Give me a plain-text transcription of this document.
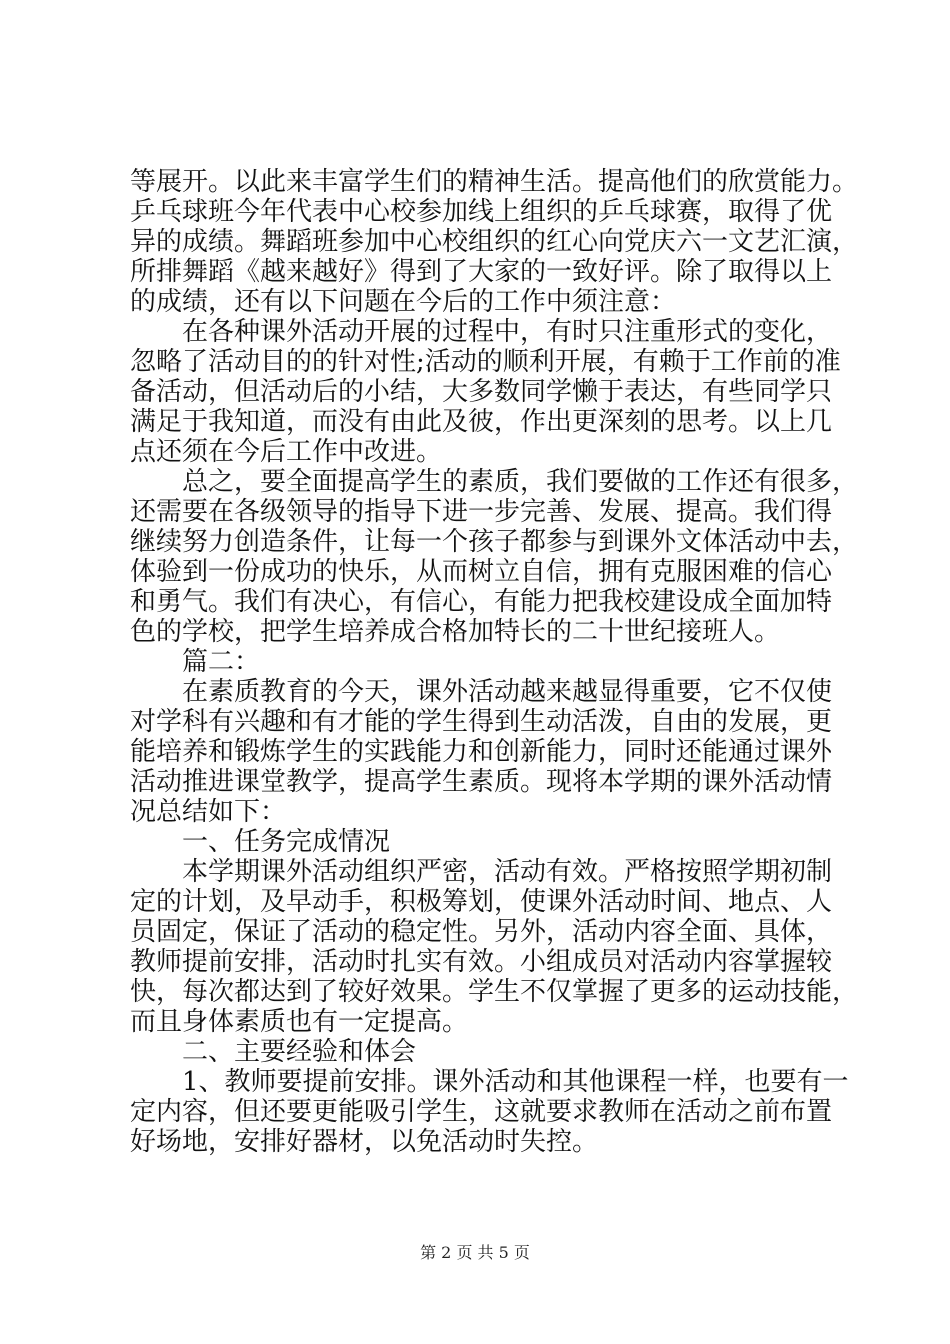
等展开。以此来丰富学生们的精神生活。提高他们的欣赏能力。
乒乓球班今年代表中心校参加线上组织的乒乓球赛，取得了优
异的成绩。舞蹈班参加中心校组织的红心向党庆六一文艺汇演，
所排舞蹈《越来越好》得到了大家的一致好评。除了取得以上
的成绩，还有以下问题在今后的工作中须注意：
在各种课外活动开展的过程中，有时只注重形式的变化，
忽略了活动目的的针对性;活动的顺利开展，有赖于工作前的准
备活动，但活动后的小结，大多数同学懒于表达，有些同学只
满足于我知道，而没有由此及彼，作出更深刻的思考。以上几
点还须在今后工作中改进。
总之，要全面提高学生的素质，我们要做的工作还有很多，
还需要在各级领导的指导下进一步完善、发展、提高。我们得
继续努力创造条件，让每一个孩子都参与到课外文体活动中去，
体验到一份成功的快乐，从而树立自信，拥有克服困难的信心
和勇气。我们有决心，有信心，有能力把我校建设成全面加特
色的学校，把学生培养成合格加特长的二十世纪接班人。
篇二：
在素质教育的今天，课外活动越来越显得重要，它不仅使
对学科有兴趣和有才能的学生得到生动活泼，自由的发展，更
能培养和锻炼学生的实践能力和创新能力，同时还能通过课外
活动推进课堂教学，提高学生素质。现将本学期的课外活动情
况总结如下：
一、任务完成情况
本学期课外活动组织严密，活动有效。严格按照学期初制
定的计划，及早动手，积极筹划，使课外活动时间、地点、人
员固定，保证了活动的稳定性。另外，活动内容全面、具体，
教师提前安排，活动时扎实有效。小组成员对活动内容掌握较
快，每次都达到了较好效果。学生不仅掌握了更多的运动技能，
而且身体素质也有一定提高。
二、主要经验和体会
1、教师要提前安排。课外活动和其他课程一样，也要有一
定内容，但还要更能吸引学生，这就要求教师在活动之前布置
好场地，安排好器材，以免活动时失控。
第 2 页 共 5 页
